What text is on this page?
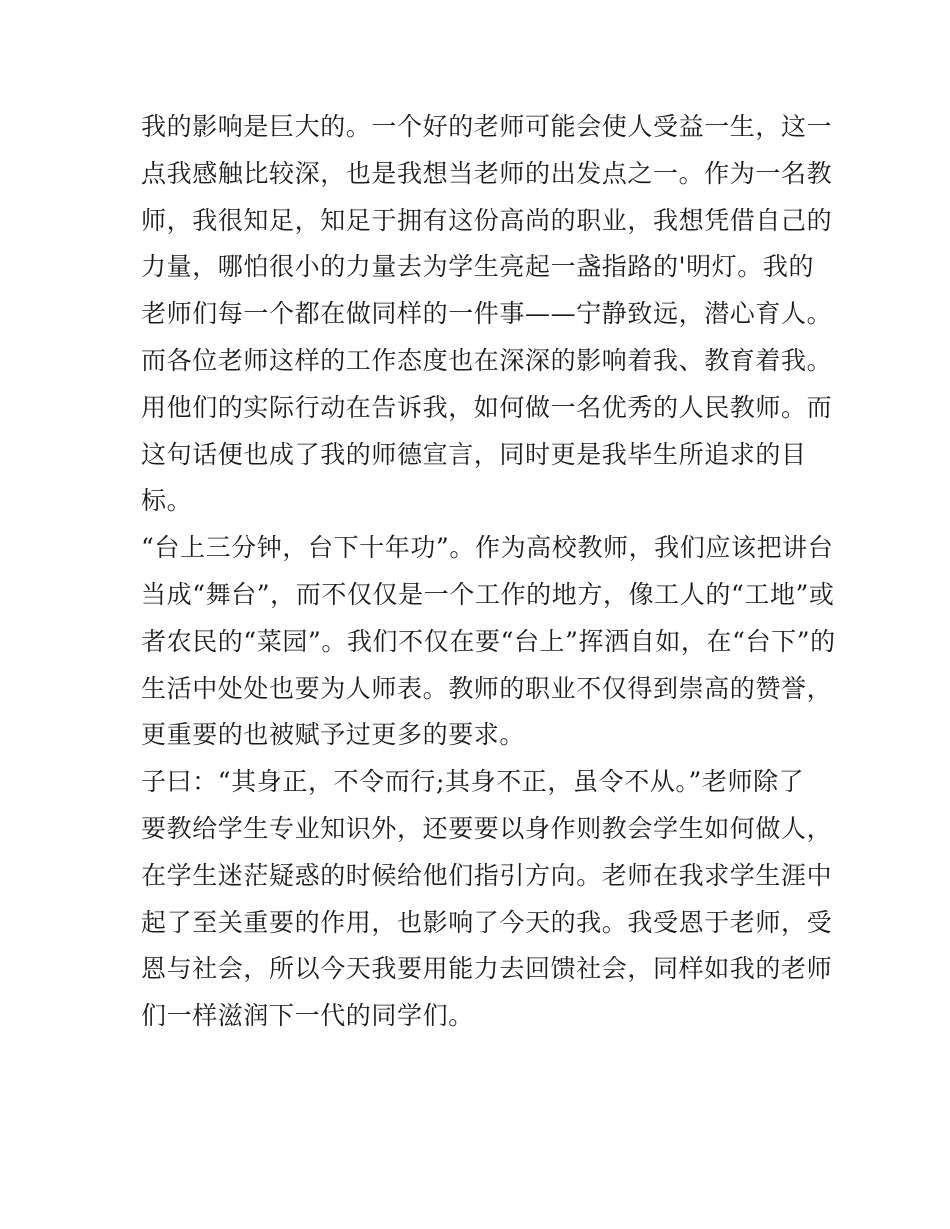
我的影响是巨大的。一个好的老师可能会使人受益一生，这一
点我感触比较深，也是我想当老师的出发点之一。作为一名教
师，我很知足，知足于拥有这份高尚的职业，我想凭借自己的
力量，哪怕很小的力量去为学生亮起一盏指路的'明灯。我的
老师们每一个都在做同样的一件事——宁静致远，潜心育人。
而各位老师这样的工作态度也在深深的影响着我、教育着我。
用他们的实际行动在告诉我，如何做一名优秀的人民教师。而
这句话便也成了我的师德宣言，同时更是我毕生所追求的目
标。
“台上三分钟，台下十年功”。作为高校教师，我们应该把讲台
当成“舞台”，而不仅仅是一个工作的地方，像工人的“工地”或
者农民的“菜园”。我们不仅在要“台上”挥洒自如，在“台下”的
生活中处处也要为人师表。教师的职业不仅得到崇高的赞誉，
更重要的也被赋予过更多的要求。
子曰：“其身正，不令而行;其身不正，虽令不从。”老师除了
要教给学生专业知识外，还要要以身作则教会学生如何做人，
在学生迷茫疑惑的时候给他们指引方向。老师在我求学生涯中
起了至关重要的作用，也影响了今天的我。我受恩于老师，受
恩与社会，所以今天我要用能力去回馈社会，同样如我的老师
们一样滋润下一代的同学们。
